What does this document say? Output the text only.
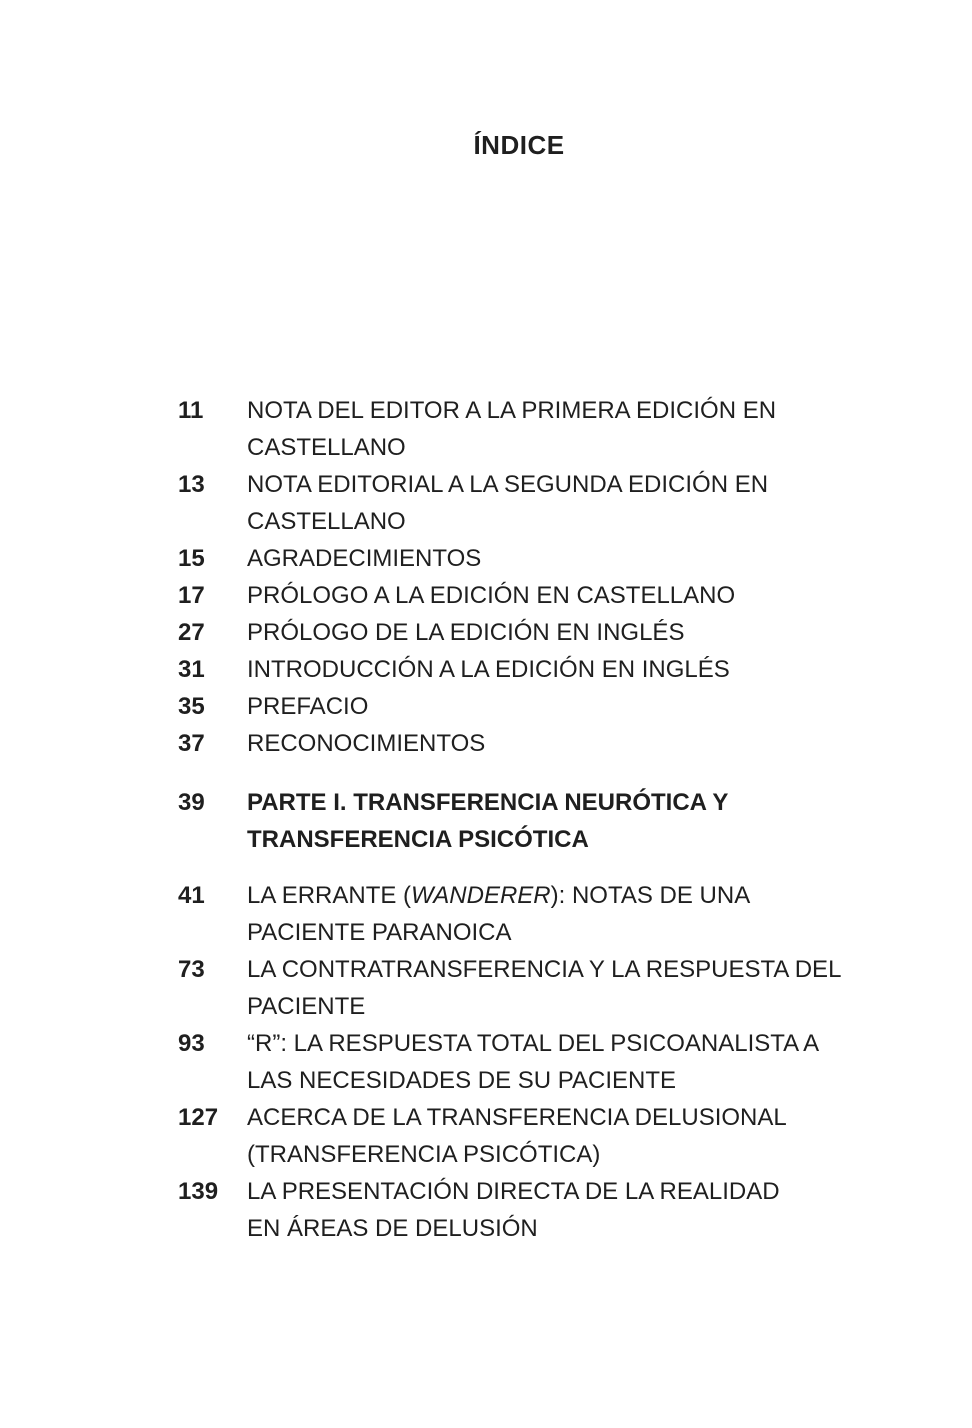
ÍNDICE
11	NOTA DEL EDITOR A LA PRIMERA EDICIÓN EN
CASTELLANO
13	NOTA EDITORIAL A LA SEGUNDA EDICIÓN EN
CASTELLANO
15	AGRADECIMIENTOS
17	PRÓLOGO A LA EDICIÓN EN CASTELLANO
27	PRÓLOGO DE LA EDICIÓN EN INGLÉS
31	INTRODUCCIÓN A LA EDICIÓN EN INGLÉS
35	PREFACIO
37	RECONOCIMIENTOS
39	PARTE I. TRANSFERENCIA NEURÓTICA Y
TRANSFERENCIA PSICÓTICA
41	LA ERRANTE (WANDERER): NOTAS DE UNA
PACIENTE PARANOICA
73	LA CONTRATRANSFERENCIA Y LA RESPUESTA DEL
PACIENTE
93	“R”: LA RESPUESTA TOTAL DEL PSICOANALISTA A
LAS NECESIDADES DE SU PACIENTE
127	ACERCA DE LA TRANSFERENCIA DELUSIONAL
(TRANSFERENCIA PSICÓTICA)
139	LA PRESENTACIÓN DIRECTA DE LA REALIDAD
EN ÁREAS DE DELUSIÓN
